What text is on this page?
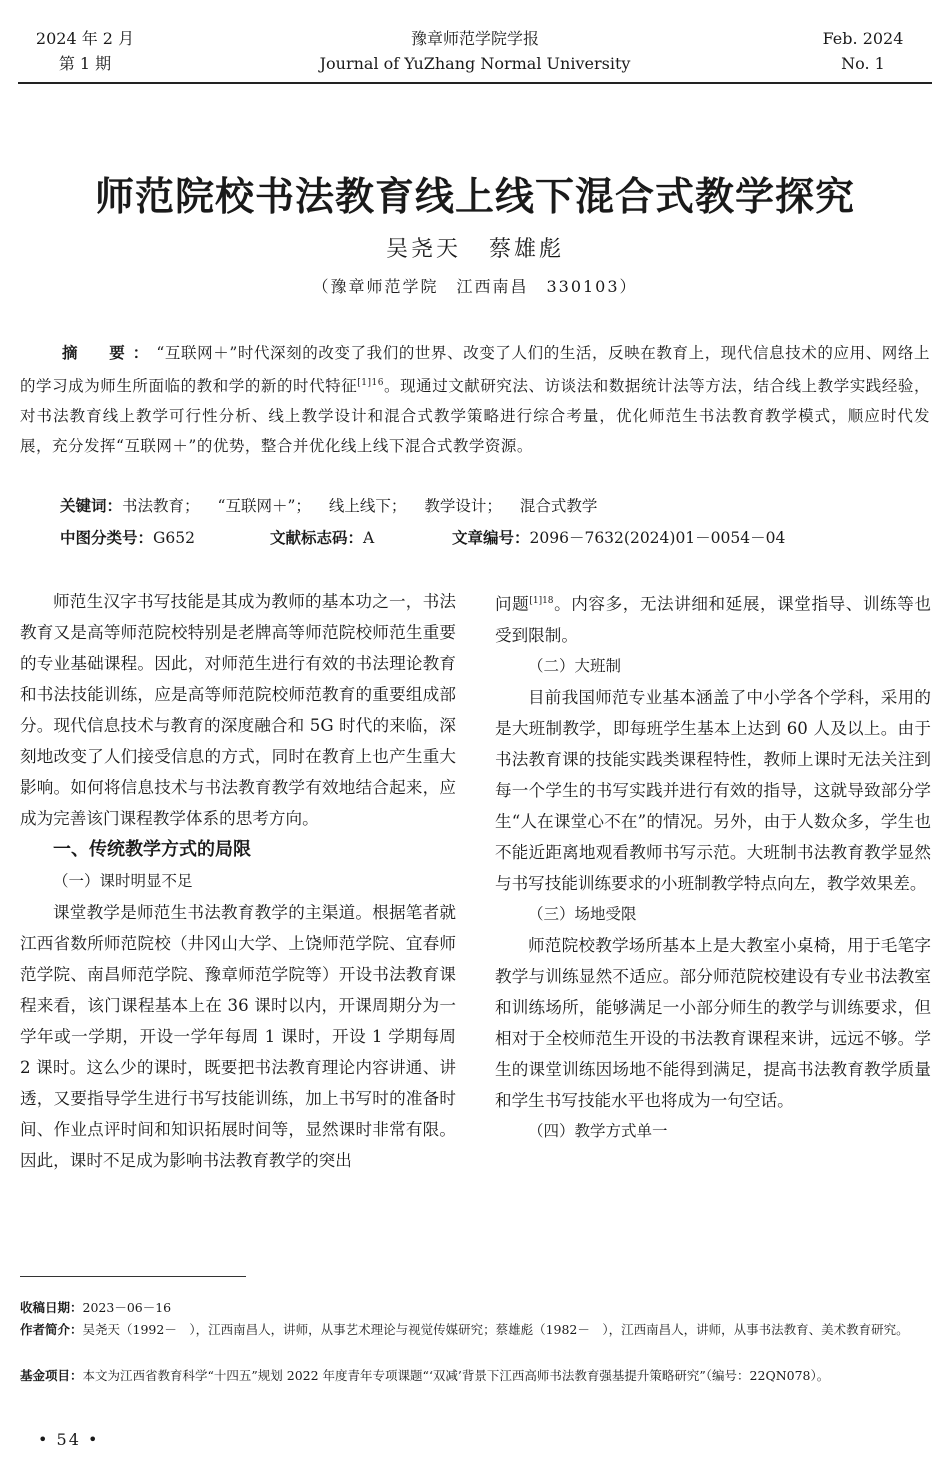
2024 年 2 月
第 1 期
豫章师范学院学报
Journal of YuZhang Normal University
Feb. 2024
No. 1
师范院校书法教育线上线下混合式教学探究
吴尧天 蔡雄彪
（豫章师范学院　江西南昌　330103）
摘　要：“互联网＋”时代深刻的改变了我们的世界、改变了人们的生活，反映在教育上，现代信息技术的应用、网络上的学习成为师生所面临的教和学的新的时代特征$^{[1]16}$。现通过文献研究法、访谈法和数据统计法等方法，结合线上教学实践经验，对书法教育线上教学可行性分析、线上教学设计和混合式教学策略进行综合考量，优化师范生书法教育教学模式，顺应时代发展，充分发挥“互联网＋”的优势，整合并优化线上线下混合式教学资源。
关键词：书法教育； “互联网＋”； 线上线下； 教学设计； 混合式教学
中图分类号：G652	文献标志码：A	文章编号：2096－7632(2024)01－0054－04

师范生汉字书写技能是其成为教师的基本功之一，书法教育又是高等师范院校特别是老牌高等师范院校师范生重要的专业基础课程。因此，对师范生进行有效的书法理论教育和书法技能训练，应是高等师范院校师范教育的重要组成部分。现代信息技术与教育的深度融合和 5G 时代的来临，深刻地改变了人们接受信息的方式，同时在教育上也产生重大影响。如何将信息技术与书法教育教学有效地结合起来，应成为完善该门课程教学体系的思考方向。

一、传统教学方式的局限

（一）课时明显不足

课堂教学是师范生书法教育教学的主渠道。根据笔者就江西省数所师范院校（井冈山大学、上饶师范学院、宜春师范学院、南昌师范学院、豫章师范学院等）开设书法教育课程来看，该门课程基本上在 36 课时以内，开课周期分为一学年或一学期，开设一学年每周 1 课时，开设 1 学期每周 2 课时。这么少的课时，既要把书法教育理论内容讲通、讲透，又要指导学生进行书写技能训练，加上书写时的准备时间、作业点评时间和知识拓展时间等，显然课时非常有限。因此，课时不足成为影响书法教育教学的突出

问题$^{[1]18}$。内容多，无法讲细和延展，课堂指导、训练等也受到限制。

（二）大班制

目前我国师范专业基本涵盖了中小学各个学科，采用的是大班制教学，即每班学生基本上达到 60 人及以上。由于书法教育课的技能实践类课程特性，教师上课时无法关注到每一个学生的书写实践并进行有效的指导，这就导致部分学生“人在课堂心不在”的情况。另外，由于人数众多，学生也不能近距离地观看教师书写示范。大班制书法教育教学显然与书写技能训练要求的小班制教学特点向左，教学效果差。

（三）场地受限

师范院校教学场所基本上是大教室小桌椅，用于毛笔字教学与训练显然不适应。部分师范院校建设有专业书法教室和训练场所，能够满足一小部分师生的教学与训练要求，但相对于全校师范生开设的书法教育课程来讲，远远不够。学生的课堂训练因场地不能得到满足，提高书法教育教学质量和学生书写技能水平也将成为一句空话。

（四）教学方式单一

收稿日期：2023－06－16
作者简介：吴尧天（1992－　），江西南昌人，讲师，从事艺术理论与视觉传媒研究；蔡雄彪（1982－　），江西南昌人，讲师，从事书法教育、美术教育研究。
基金项目：本文为江西省教育科学“十四五”规划 2022 年度青年专项课题“‘双减’背景下江西高师书法教育强基提升策略研究”（编号：22QN078）。
• 54 •
